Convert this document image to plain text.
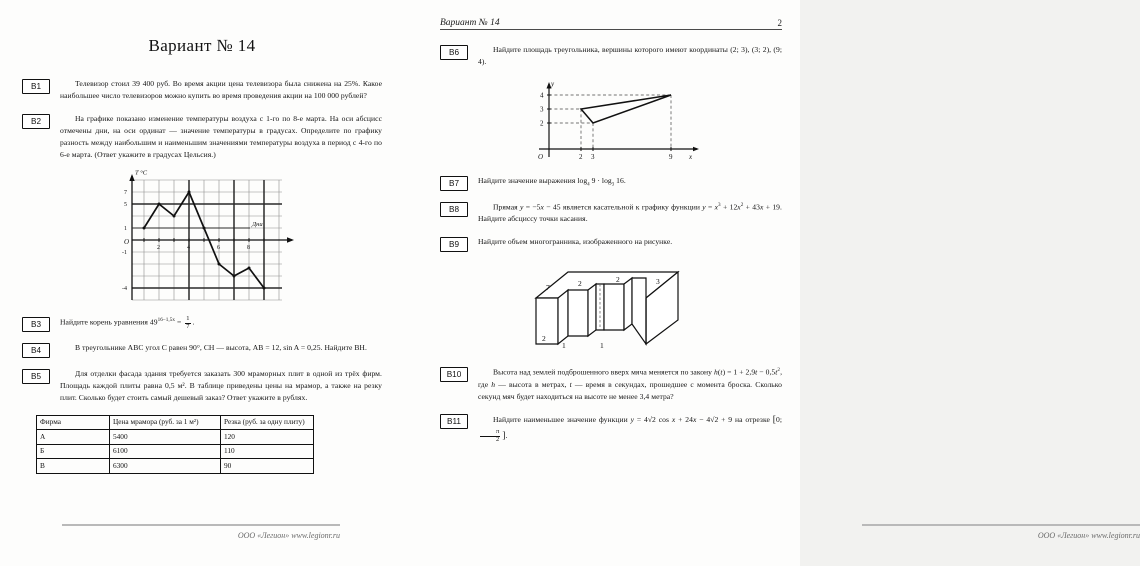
Вариант № 14
B1	Телевизор стоил 39 400 руб. Во время акции цена телевизора была снижена на 25%. Какое наибольшее число телевизоров можно купить во время проведения акции на 100 000 рублей?
B2	На графике показано изменение температуры воздуха с 1-го по 8-е марта. На оси абсцисс отмечены дни, на оси ординат — значение температуры в градусах. Определите по графику разность между наибольшим и наименьшим значениями температуры воздуха в период с 4-го по 6-е марта. (Ответ укажите в градусах Цельсия.)
T °C
Дни
O
7
5
1
-1
-4
2	4	6	8
B3	Найдите корень уравнения $49^{16-1,5x} = \frac{1}{7}$ .
B4	В треугольнике ABC угол C равен 90°, CH — высота, AB = 12, sin A = 0,25. Найдите BH.
B5	Для отделки фасада здания требуется заказать 300 мраморных плит в одной из трёх фирм. Площадь каждой плиты равна 0,5 м². В таблице приведены цены на мрамор, а также на резку плит. Сколько будет стоить самый дешевый заказ? Ответ укажите в рублях.
Фирма	Цена мрамора (руб. за 1 м²)	Резка (руб. за одну плиту)
А	5400	120
Б	6100	110
В	6300	90
ООО «Легион» www.legionr.ru
Вариант № 14	2
B6	Найдите площадь треугольника, вершины которого имеют координаты (2; 3), (3; 2), (9; 4).
4
3
2
2 3	9
y
x
O
B7	Найдите значение выражения $\log_4 9 \cdot \log_3 16$.
B8	Прямая y = −5x − 45 является касательной к графику функции $y = x^3 + 12x^2 + 43x + 19$. Найдите абсциссу точки касания.
B9	Найдите объем многогранника, изображенного на рисунке.
7	2	2	3
2
1	1
B10	Высота над землей подброшенного вверх мяча меняется по закону $h(t) = 1 + 2,9t - 0,5t^2$, где h — высота в метрах, t — время в секундах, прошедшее с момента броска. Сколько секунд мяч будет находиться на высоте не менее 3,4 метра?
B11	Найдите наименьшее значение функции y = 4√2 cos x + 24x − 4√2 + 9 на отрезке [0;
$\frac{\pi}{2}$ ].
ООО «Легион» www.legionr.ru
